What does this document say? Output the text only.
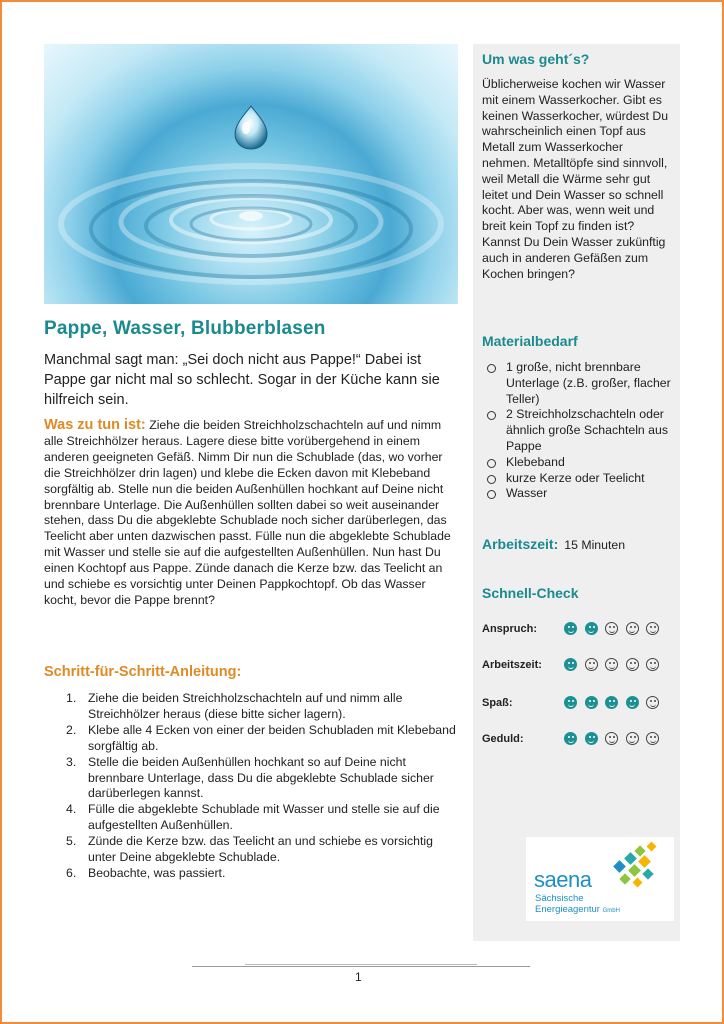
Pappe, Wasser, Blubberblasen
Manchmal sagt man: „Sei doch nicht aus Pappe!“ Dabei ist Pappe gar nicht mal so schlecht. Sogar in der Küche kann sie hilfreich sein.
Was zu tun ist: Ziehe die beiden Streichholzschachteln auf und nimm alle Streichhölzer heraus. Lagere diese bitte vorübergehend in einem anderen geeigneten Gefäß. Nimm Dir nun die Schublade (das, wo vorher die Streichhölzer drin lagen) und klebe die Ecken davon mit Klebeband sorgfältig ab. Stelle nun die beiden Außenhüllen hochkant auf Deine nicht brennbare Unterlage. Die Außenhüllen sollten dabei so weit auseinander stehen, dass Du die abgeklebte Schublade noch sicher darüberlegen, das Teelicht aber unten dazwischen passt. Fülle nun die abgeklebte Schublade mit Wasser und stelle sie auf die aufgestellten Außenhüllen. Nun hast Du einen Kochtopf aus Pappe. Zünde danach die Kerze bzw. das Teelicht an und schiebe es vorsichtig unter Deinen Pappkochtopf. Ob das Wasser kocht, bevor die Pappe brennt?
Schritt-für-Schritt-Anleitung:
1. Ziehe die beiden Streichholzschachteln auf und nimm alle Streichhölzer heraus (diese bitte sicher lagern).
2. Klebe alle 4 Ecken von einer der beiden Schubladen mit Klebeband sorgfältig ab.
3. Stelle die beiden Außenhüllen hochkant so auf Deine nicht brennbare Unterlage, dass Du die abgeklebte Schublade sicher darüberlegen kannst.
4. Fülle die abgeklebte Schublade mit Wasser und stelle sie auf die aufgestellten Außenhüllen.
5. Zünde die Kerze bzw. das Teelicht an und schiebe es vorsichtig unter Deine abgeklebte Schublade.
6. Beobachte, was passiert.
Um was geht´s?
Üblicherweise kochen wir Wasser mit einem Wasserkocher. Gibt es keinen Wasserkocher, würdest Du wahrscheinlich einen Topf aus Metall zum Wasserkocher nehmen. Metalltöpfe sind sinnvoll, weil Metall die Wärme sehr gut leitet und Dein Wasser so schnell kocht. Aber was, wenn weit und breit kein Topf zu finden ist? Kannst Du Dein Wasser zukünftig auch in anderen Gefäßen zum Kochen bringen?
Materialbedarf
1 große, nicht brennbare Unterlage (z.B. großer, flacher Teller)
2 Streichholzschachteln oder ähnlich große Schachteln aus Pappe
Klebeband
kurze Kerze oder Teelicht
Wasser
Arbeitszeit: 15 Minuten
Schnell-Check
Anspruch:
Arbeitszeit:
Spaß:
Geduld:
saena
Sächsische
Energieagentur GmbH
1
